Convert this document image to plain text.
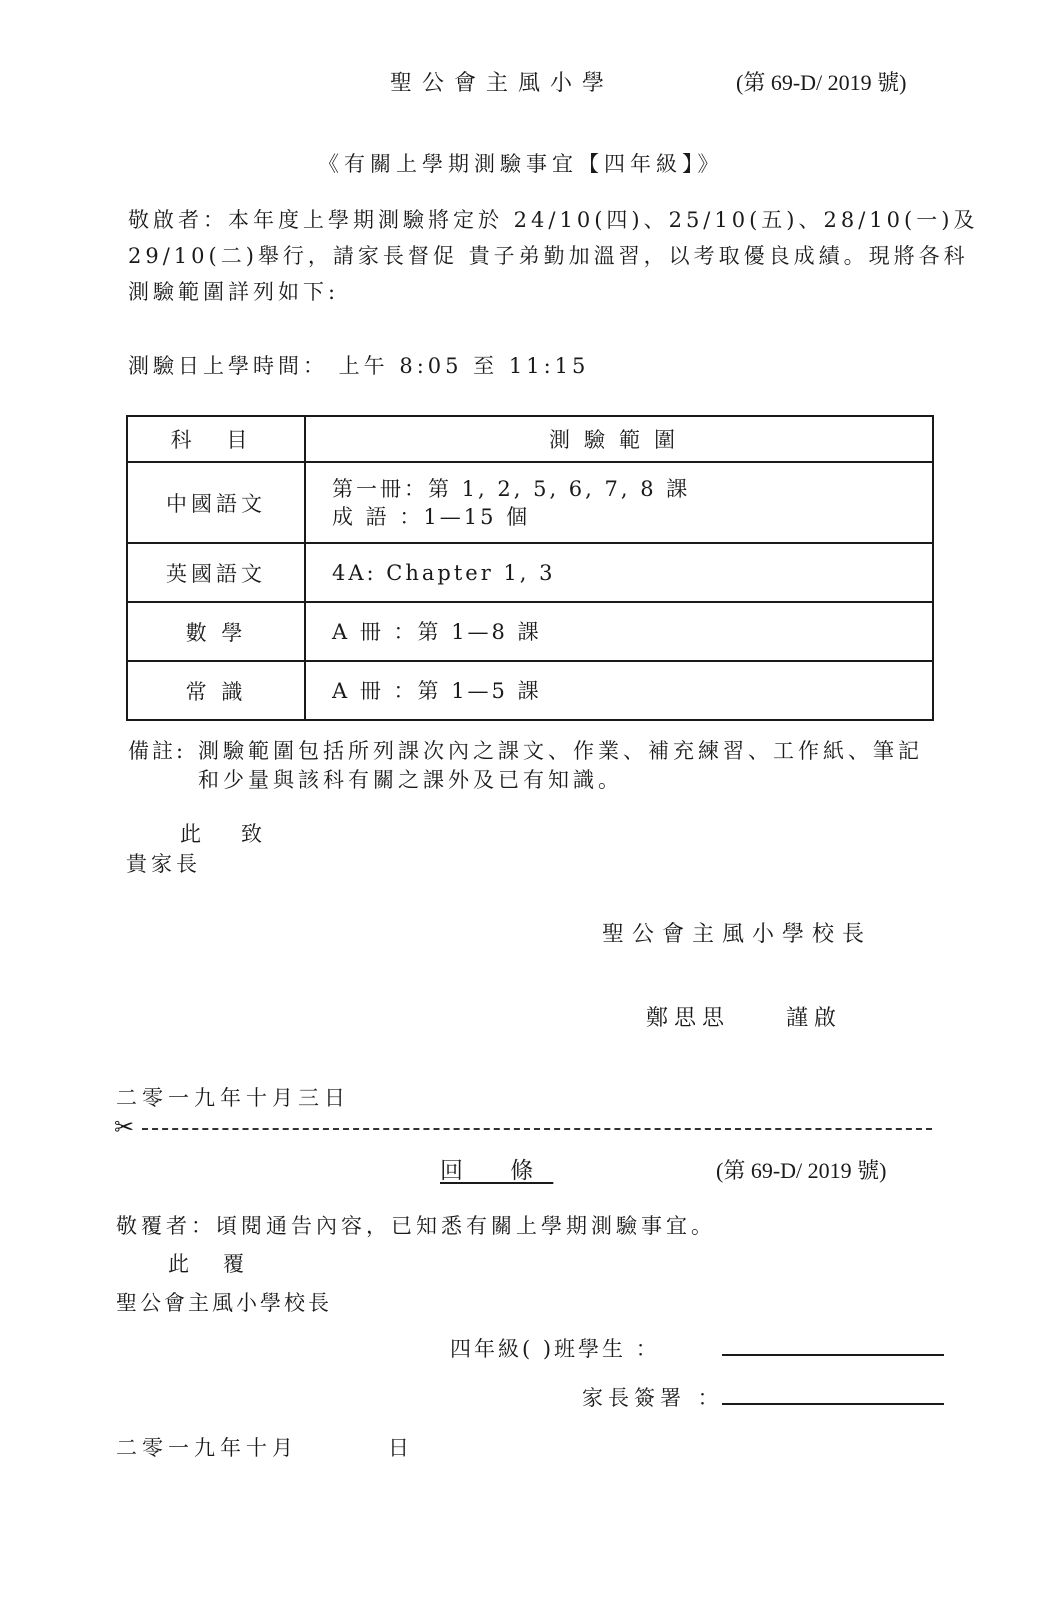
聖公會主風小學	(第 69-D/ 2019 號)
《有關上學期測驗事宜【四年級】》
敬啟者：本年度上學期測驗將定於 24/10(四)、25/10(五)、28/10(一)及
29/10(二)舉行，請家長督促 貴子弟勤加溫習，以考取優良成績。現將各科
測驗範圍詳列如下:
測驗日上學時間： 上午 8:05 至 11:15
科 目	測驗範圍
中國語文	第一冊：第 1, 2, 5, 6, 7, 8 課
成 語 ：1—15 個

英國語文	4A: Chapter 1, 3
數 學	A 冊 ：第 1—8 課
常 識	A 冊 ：第 1—5 課
備註: 測驗範圍包括所列課次內之課文、作業、補充練習、工作紙、筆記
和少量與該科有關之課外及已有知識。
此 致
貴家長
聖公會主風小學校長
鄭思思	謹啟
二零一九年十月三日
✂
回 條	(第 69-D/ 2019 號)
敬覆者：頃閱通告內容，已知悉有關上學期測驗事宜。
此 覆
聖公會主風小學校長
四年級( )班學生 ：
家長簽署 ：
二零一九年十月	日
